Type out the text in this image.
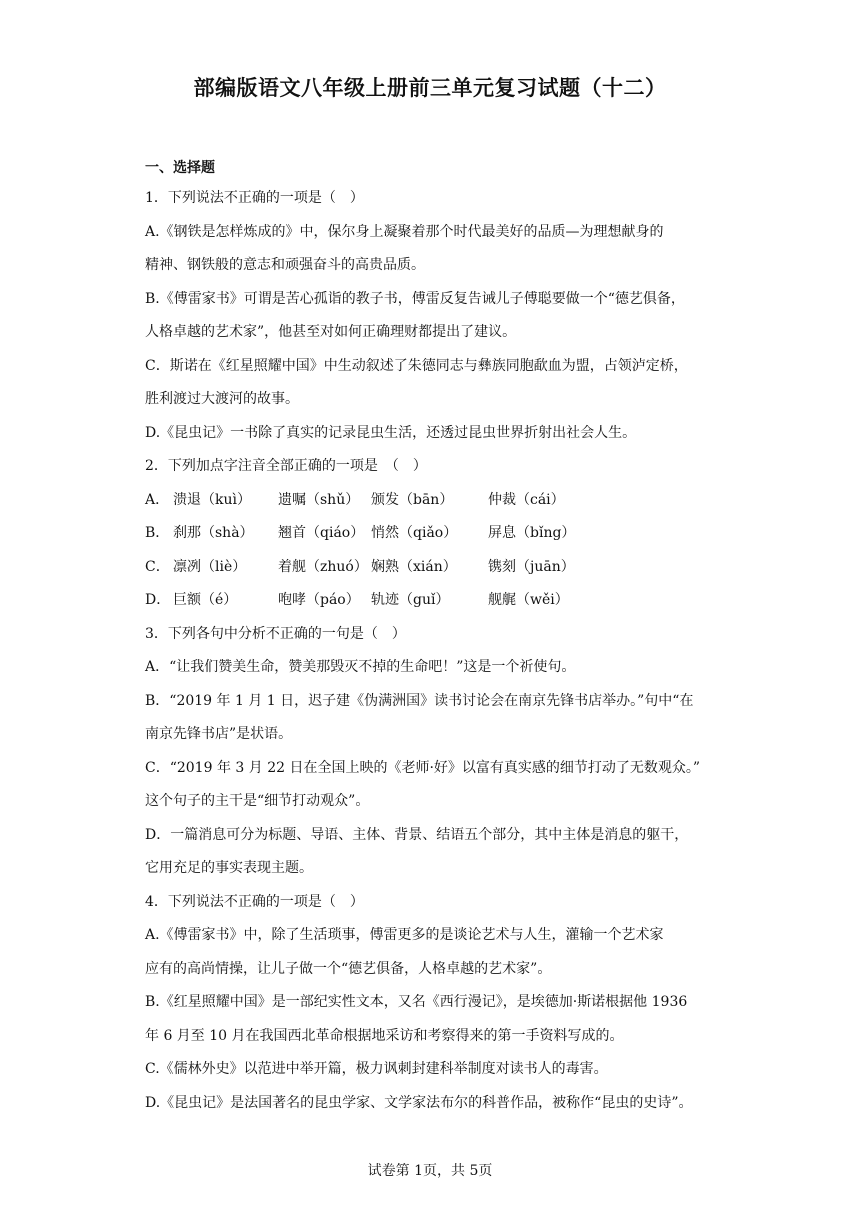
部编版语文八年级上册前三单元复习试题（十二）
一、选择题

1．下列说法不正确的一项是（　）

A.《钢铁是怎样炼成的》中，保尔身上凝聚着那个时代最美好的品质—为理想献身的

精神、钢铁般的意志和顽强奋斗的高贵品质。

B.《傅雷家书》可谓是苦心孤诣的教子书，傅雷反复告诫儿子傅聪要做一个“德艺俱备，

人格卓越的艺术家”，他甚至对如何正确理财都提出了建议。

C．斯诺在《红星照耀中国》中生动叙述了朱德同志与彝族同胞歃血为盟，占领泸定桥，

胜利渡过大渡河的故事。

D.《昆虫记》一书除了真实的记录昆虫生活，还透过昆虫世界折射出社会人生。

2．下列加点字注音全部正确的一项是　（　）

A． 溃退（kuì）	遗嘱（shǔ） 颁发（bān）	仲裁（cái）
B． 刹那（shà）	翘首（qiáo） 悄然（qiǎo）	屏息（bǐng）
C． 凛冽（liè）	着舰（zhuó） 娴熟（xián）	镌刻（juān）
D． 巨额（é）	咆哮（páo） 轨迹（guǐ）	舰艉（wěi）

3．下列各句中分析不正确的一句是（　）

A．“让我们赞美生命，赞美那毁灭不掉的生命吧！”这是一个祈使句。

B．“2019 年 1 月 1 日，迟子建《伪满洲国》读书讨论会在南京先锋书店举办。”句中“在

南京先锋书店”是状语。

C．“2019 年 3 月 22 日在全国上映的《老师·好》以富有真实感的细节打动了无数观众。”

这个句子的主干是“细节打动观众”。

D．一篇消息可分为标题、导语、主体、背景、结语五个部分，其中主体是消息的躯干，

它用充足的事实表现主题。

4．下列说法不正确的一项是（　）

A.《傅雷家书》中，除了生活琐事，傅雷更多的是谈论艺术与人生，灌输一个艺术家

应有的高尚情操，让儿子做一个“德艺俱备，人格卓越的艺术家”。

B.《红星照耀中国》是一部纪实性文本，又名《西行漫记》，是埃德加·斯诺根据他 1936

年 6 月至 10 月在我国西北革命根据地采访和考察得来的第一手资料写成的。

C.《儒林外史》以范进中举开篇，极力讽刺封建科举制度对读书人的毒害。

D.《昆虫记》是法国著名的昆虫学家、文学家法布尔的科普作品，被称作“昆虫的史诗”。

试卷第 1页，共 5页
